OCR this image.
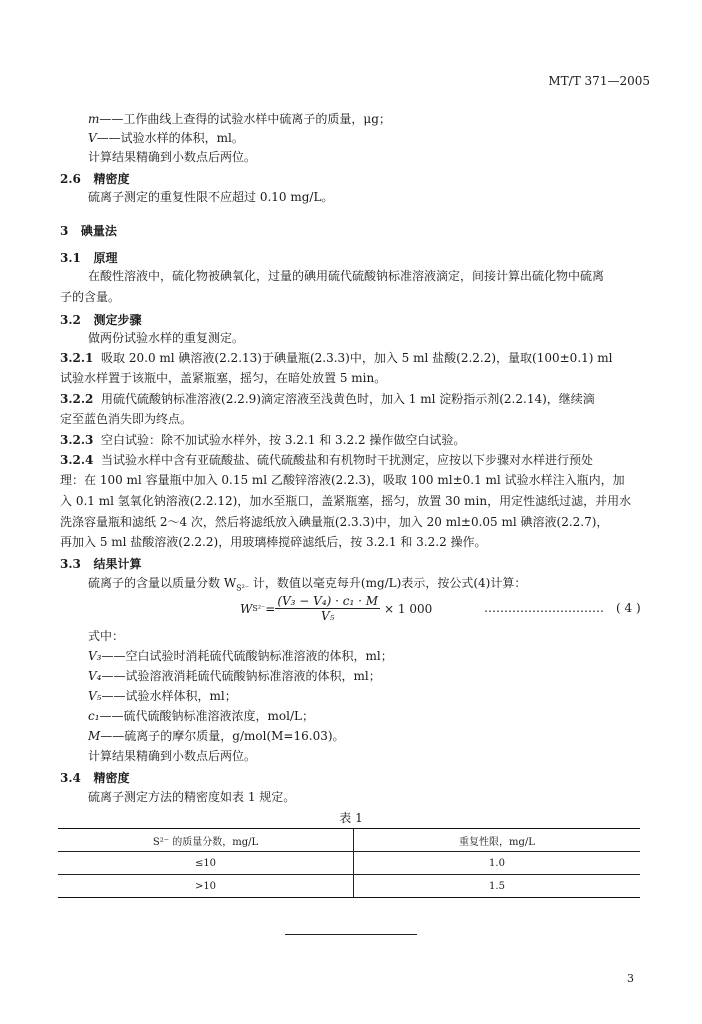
MT/T 371—2005
m——工作曲线上查得的试验水样中硫离子的质量，μg；
V——试验水样的体积，ml。
计算结果精确到小数点后两位。
2.6 精密度
硫离子测定的重复性限不应超过 0.10 mg/L。
3 碘量法
3.1 原理
在酸性溶液中，硫化物被碘氧化，过量的碘用硫代硫酸钠标准溶液滴定，间接计算出硫化物中硫离
子的含量。
3.2 测定步骤
做两份试验水样的重复测定。
3.2.1 吸取 20.0 ml 碘溶液(2.2.13)于碘量瓶(2.3.3)中，加入 5 ml 盐酸(2.2.2)，量取(100±0.1) ml
试验水样置于该瓶中，盖紧瓶塞，摇匀，在暗处放置 5 min。
3.2.2 用硫代硫酸钠标准溶液(2.2.9)滴定溶液至浅黄色时，加入 1 ml 淀粉指示剂(2.2.14)，继续滴
定至蓝色消失即为终点。
3.2.3 空白试验：除不加试验水样外，按 3.2.1 和 3.2.2 操作做空白试验。
3.2.4 当试验水样中含有亚硫酸盐、硫代硫酸盐和有机物时干扰测定，应按以下步骤对水样进行预处
理：在 100 ml 容量瓶中加入 0.15 ml 乙酸锌溶液(2.2.3)，吸取 100 ml±0.1 ml 试验水样注入瓶内，加
入 0.1 ml 氢氧化钠溶液(2.2.12)，加水至瓶口，盖紧瓶塞，摇匀，放置 30 min，用定性滤纸过滤，并用水
洗涤容量瓶和滤纸 2～4 次，然后将滤纸放入碘量瓶(2.3.3)中，加入 20 ml±0.05 ml 碘溶液(2.2.7)，
再加入 5 ml 盐酸溶液(2.2.2)，用玻璃棒搅碎滤纸后，按 3.2.1 和 3.2.2 操作。
3.3 结果计算
硫离子的含量以质量分数 $W_{S^{2-}}$ 计，数值以毫克每升(mg/L)表示，按公式(4)计算：
W $S^{2-} = \frac{\text{(V₃ − V₄) · c₁ · M}}{\text{V₅}} \times 1$ 000	………………………… ( 4 )
式中：
V₃——空白试验时消耗硫代硫酸钠标准溶液的体积，ml；
V₄——试验溶液消耗硫代硫酸钠标准溶液的体积，ml；
V₅——试验水样体积，ml；
c₁——硫代硫酸钠标准溶液浓度，mol/L；
M——硫离子的摩尔质量，g/mol(M=16.03)。
计算结果精确到小数点后两位。
3.4 精密度
硫离子测定方法的精密度如表 1 规定。
表 1
S²⁻ 的质量分数，mg/L	重复性限，mg/L
≤10	1.0
>10	1.5
3
